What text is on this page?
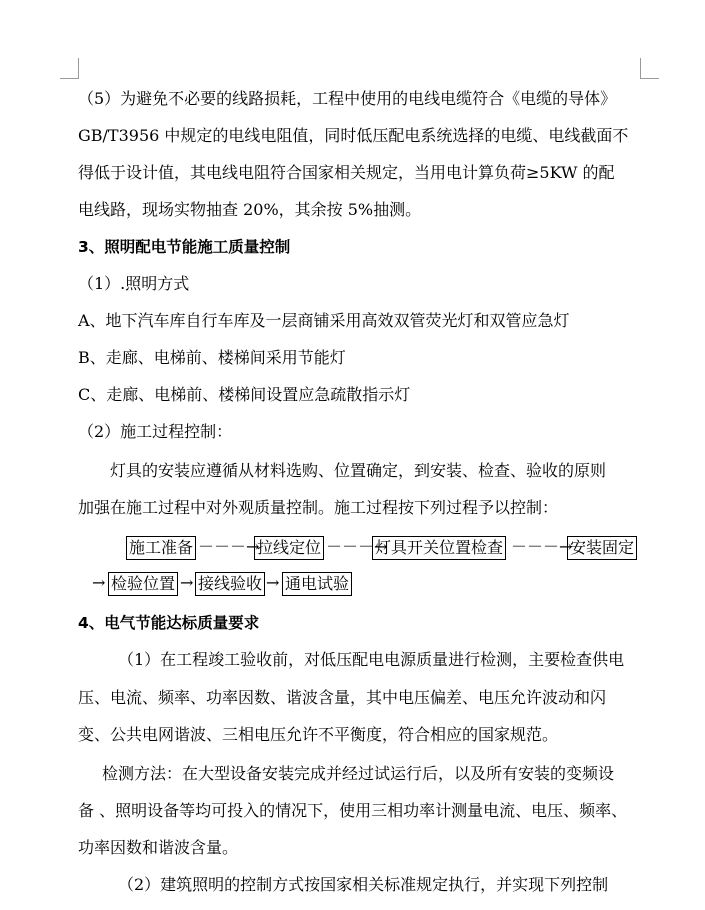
（5）为避免不必要的线路损耗，工程中使用的电线电缆符合《电缆的导体》
GB/T3956 中规定的电线电阻值，同时低压配电系统选择的电缆、电线截面不
得低于设计值，其电线电阻符合国家相关规定，当用电计算负荷≥5KW 的配
电线路，现场实物抽查 20%，其余按 5%抽测。
3、照明配电节能施工质量控制
（1）.照明方式
A、地下汽车库自行车库及一层商铺采用高效双管荧光灯和双管应急灯
B、走廊、电梯前、楼梯间采用节能灯
C、走廊、电梯前、楼梯间设置应急疏散指示灯
（2）施工过程控制：
灯具的安装应遵循从材料选购、位置确定，到安装、检查、验收的原则
加强在施工过程中对外观质量控制。施工过程按下列过程予以控制：
施工准备 －－－→
拉线定位 －－－→
灯具开关位置检查 －－－→
安装固定
→ 检验位置 → 接线验收 → 通电试验
4、电气节能达标质量要求
（1）在工程竣工验收前，对低压配电电源质量进行检测，主要检查供电
压、电流、频率、功率因数、谐波含量，其中电压偏差、电压允许波动和闪
变、公共电网谐波、三相电压允许不平衡度，符合相应的国家规范。
检测方法：在大型设备安装完成并经过试运行后，以及所有安装的变频设
备 、照明设备等均可投入的情况下，使用三相功率计测量电流、电压、频率、
功率因数和谐波含量。
（2）建筑照明的控制方式按国家相关标准规定执行，并实现下列控制
